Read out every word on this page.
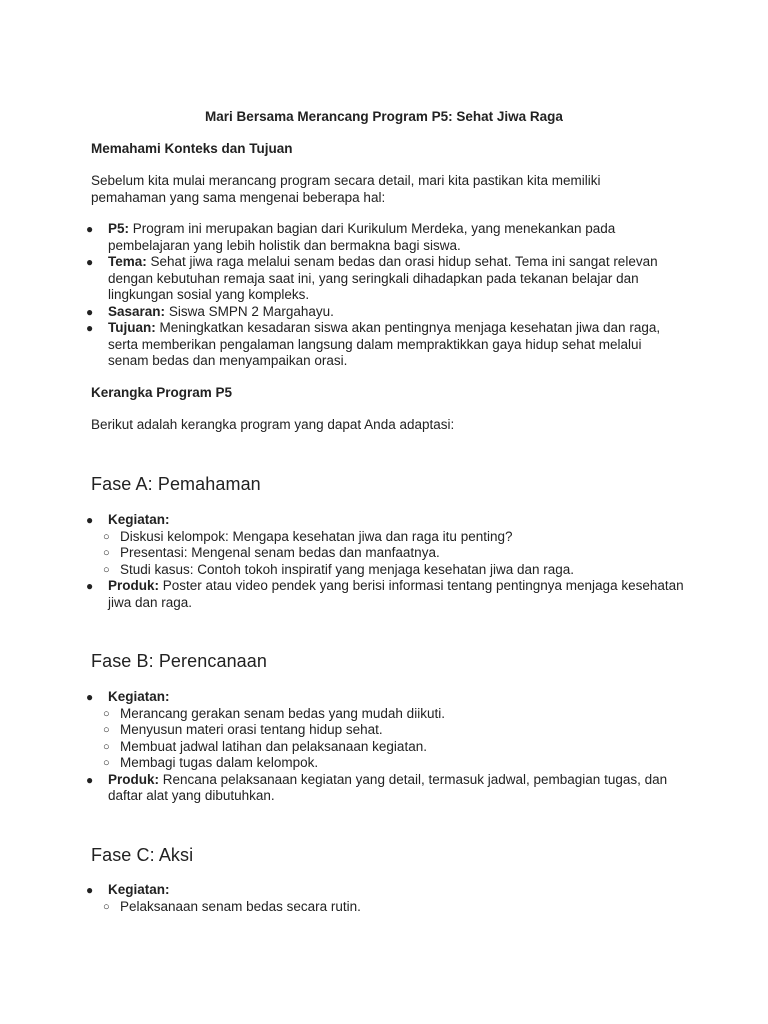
Mari Bersama Merancang Program P5: Sehat Jiwa Raga
Memahami Konteks dan Tujuan
Sebelum kita mulai merancang program secara detail, mari kita pastikan kita memiliki pemahaman yang sama mengenai beberapa hal:
●	P5: Program ini merupakan bagian dari Kurikulum Merdeka, yang menekankan pada pembelajaran yang lebih holistik dan bermakna bagi siswa.
●	Tema: Sehat jiwa raga melalui senam bedas dan orasi hidup sehat. Tema ini sangat relevan dengan kebutuhan remaja saat ini, yang seringkali dihadapkan pada tekanan belajar dan lingkungan sosial yang kompleks.
●	Sasaran: Siswa SMPN 2 Margahayu.
●	Tujuan: Meningkatkan kesadaran siswa akan pentingnya menjaga kesehatan jiwa dan raga, serta memberikan pengalaman langsung dalam mempraktikkan gaya hidup sehat melalui senam bedas dan menyampaikan orasi.
Kerangka Program P5
Berikut adalah kerangka program yang dapat Anda adaptasi:
Fase A: Pemahaman
●	Kegiatan:
○ Diskusi kelompok: Mengapa kesehatan jiwa dan raga itu penting?
○ Presentasi: Mengenal senam bedas dan manfaatnya.
○ Studi kasus: Contoh tokoh inspiratif yang menjaga kesehatan jiwa dan raga.
●	Produk: Poster atau video pendek yang berisi informasi tentang pentingnya menjaga kesehatan jiwa dan raga.
Fase B: Perencanaan
●	Kegiatan:
○ Merancang gerakan senam bedas yang mudah diikuti.
○ Menyusun materi orasi tentang hidup sehat.
○ Membuat jadwal latihan dan pelaksanaan kegiatan.
○ Membagi tugas dalam kelompok.
●	Produk: Rencana pelaksanaan kegiatan yang detail, termasuk jadwal, pembagian tugas, dan daftar alat yang dibutuhkan.
Fase C: Aksi
●	Kegiatan:
○ Pelaksanaan senam bedas secara rutin.
